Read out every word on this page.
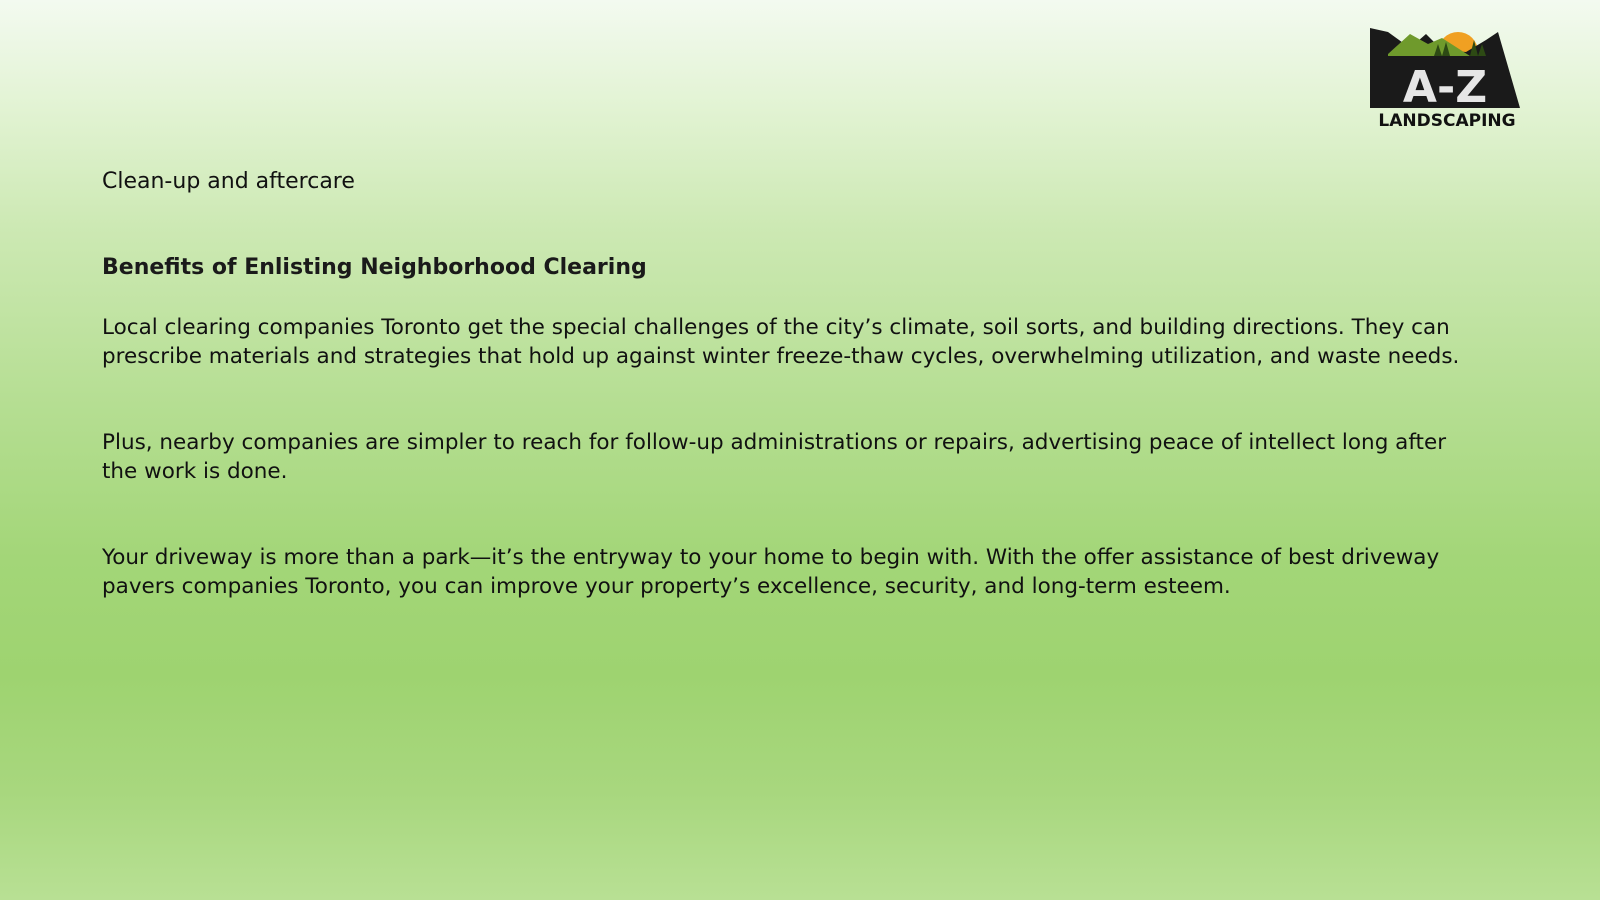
A-Z
LANDSCAPING
Clean-up and aftercare
Benefits of Enlisting Neighborhood Clearing
Local clearing companies Toronto get the special challenges of the city’s climate, soil sorts, and building directions. They can prescribe materials and strategies that hold up against winter freeze-thaw cycles, overwhelming utilization, and waste needs.
Plus, nearby companies are simpler to reach for follow-up administrations or repairs, advertising peace of intellect long after the work is done.
Your driveway is more than a park—it’s the entryway to your home to begin with. With the offer assistance of best driveway pavers companies Toronto, you can improve your property’s excellence, security, and long-term esteem.
